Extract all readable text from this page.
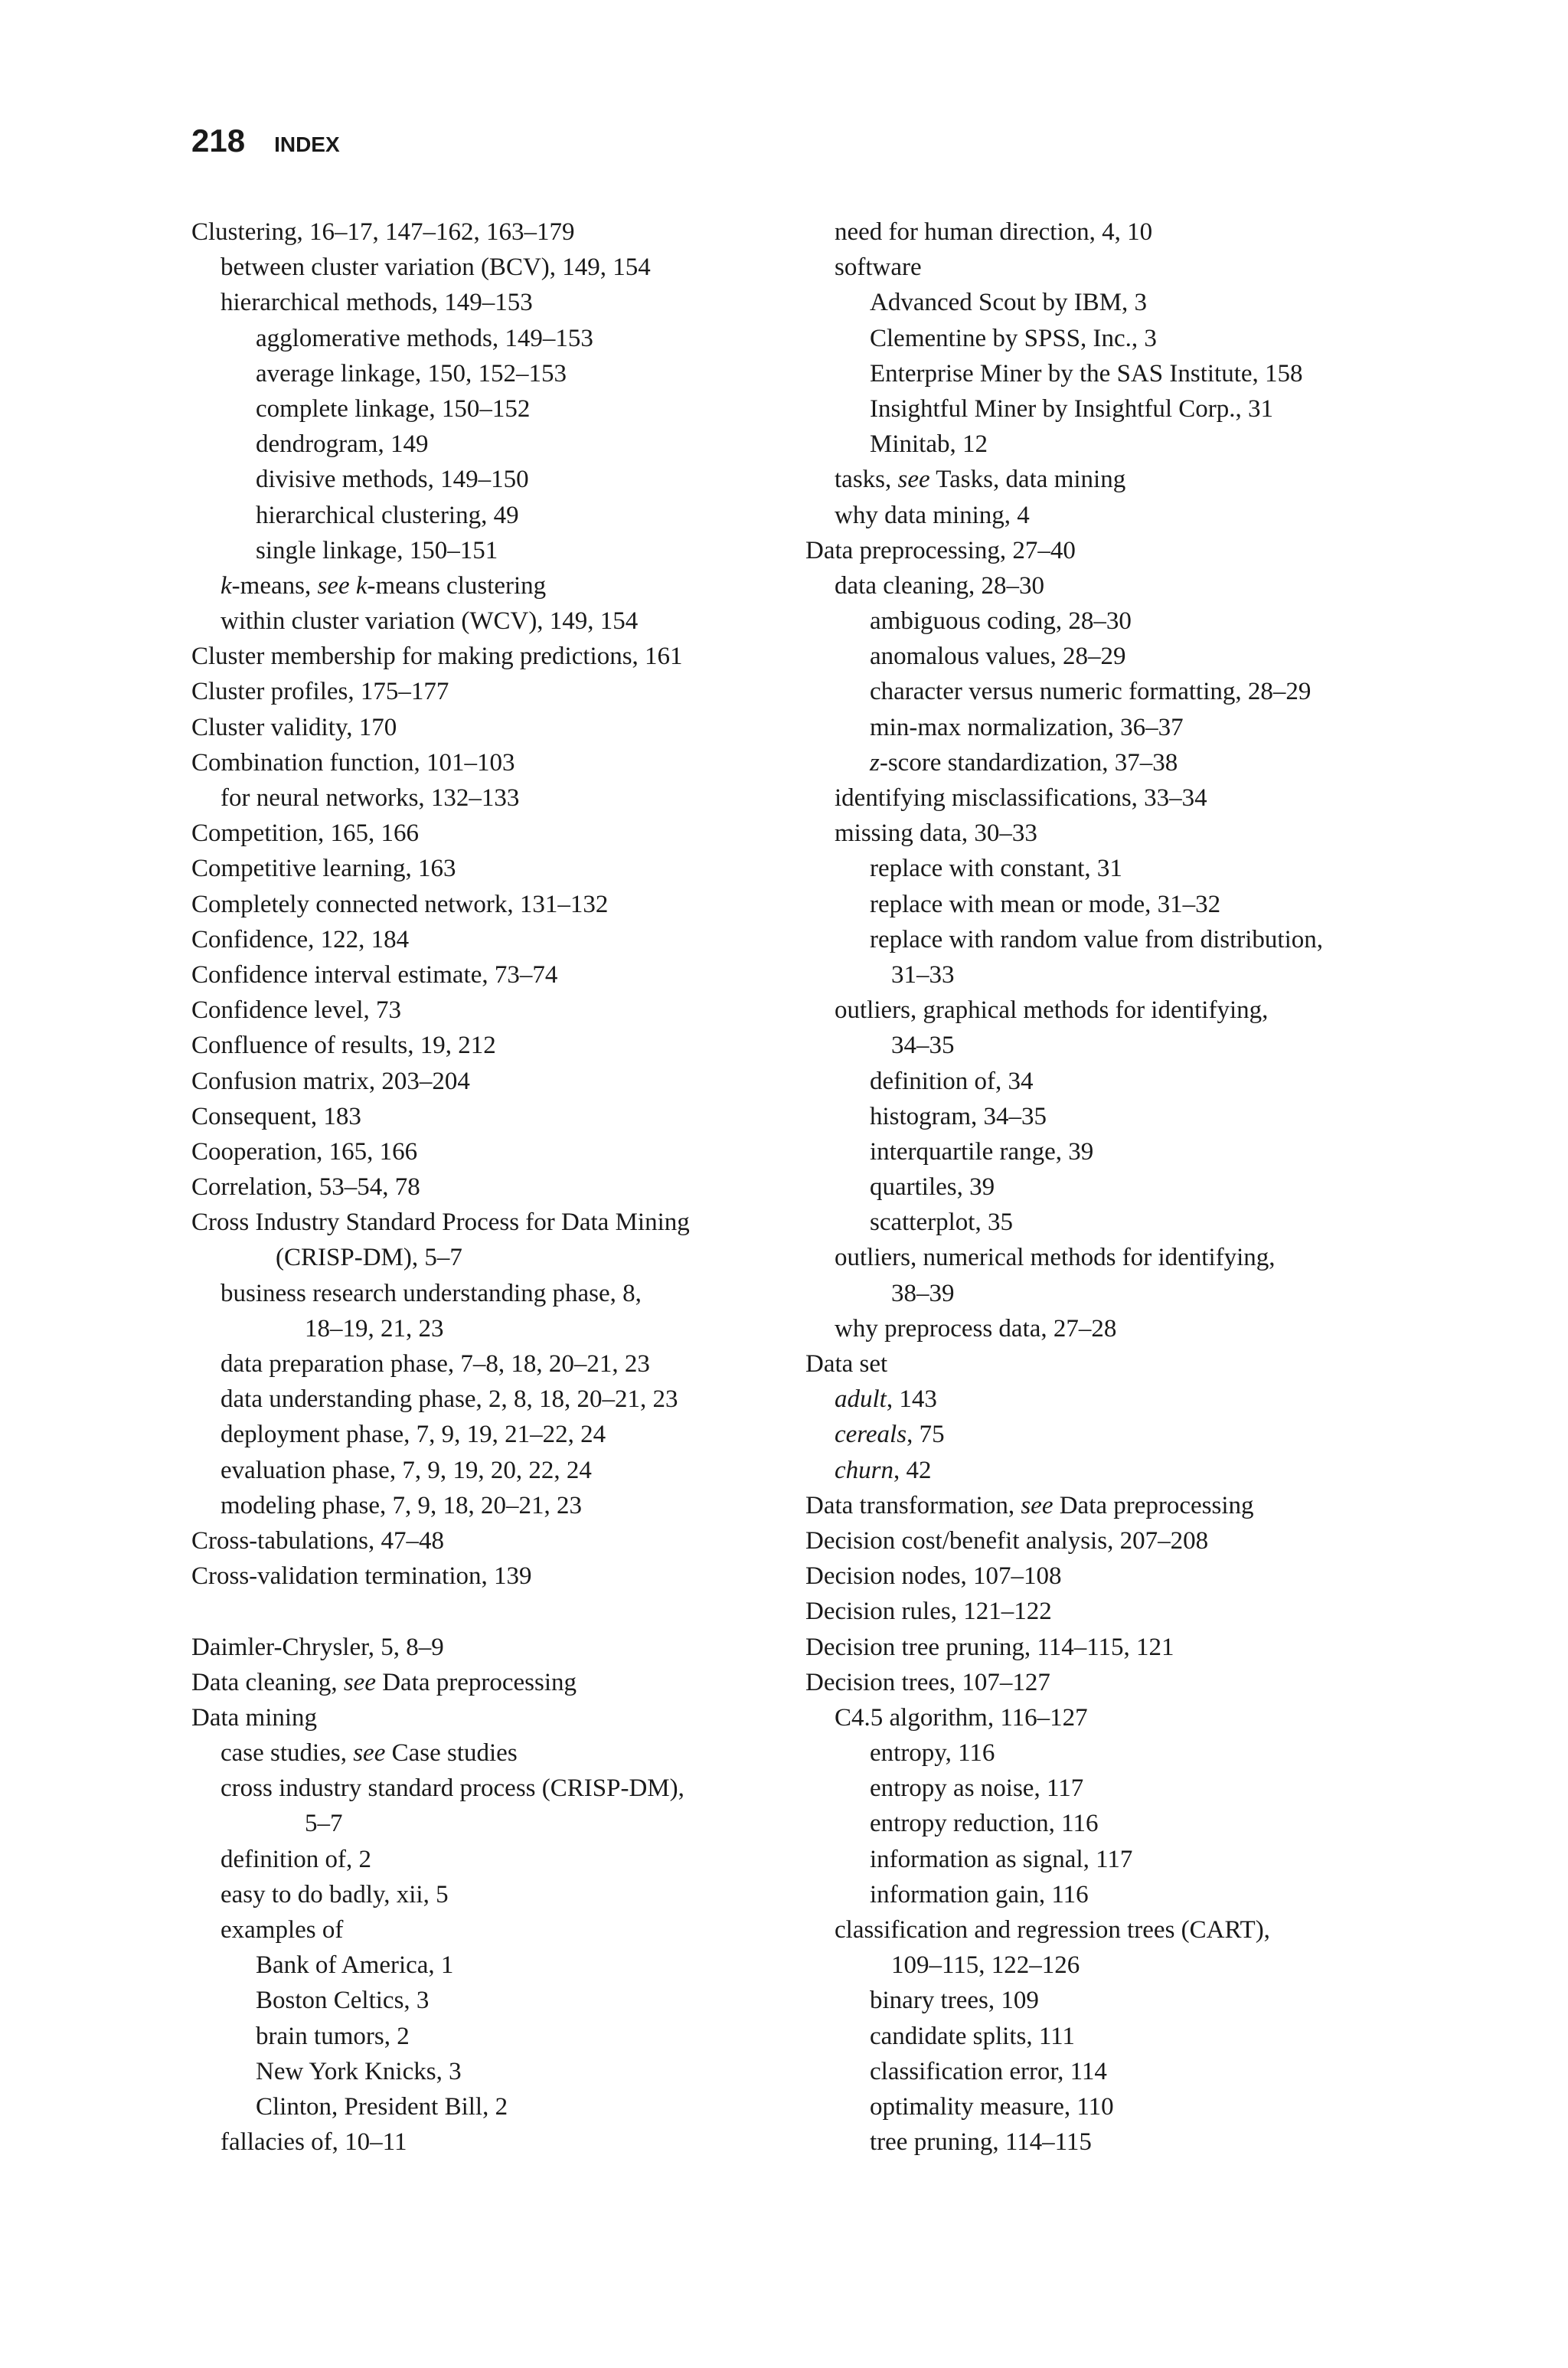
218 INDEX
Clustering, 16–17, 147–162, 163–179
between cluster variation (BCV), 149, 154
hierarchical methods, 149–153
agglomerative methods, 149–153
average linkage, 150, 152–153
complete linkage, 150–152
dendrogram, 149
divisive methods, 149–150
hierarchical clustering, 49
single linkage, 150–151
k-means, see k-means clustering
within cluster variation (WCV), 149, 154
Cluster membership for making predictions, 161
Cluster profiles, 175–177
Cluster validity, 170
Combination function, 101–103
for neural networks, 132–133
Competition, 165, 166
Competitive learning, 163
Completely connected network, 131–132
Confidence, 122, 184
Confidence interval estimate, 73–74
Confidence level, 73
Confluence of results, 19, 212
Confusion matrix, 203–204
Consequent, 183
Cooperation, 165, 166
Correlation, 53–54, 78
Cross Industry Standard Process for Data Mining
(CRISP-DM), 5–7
business research understanding phase, 8,
18–19, 21, 23
data preparation phase, 7–8, 18, 20–21, 23
data understanding phase, 2, 8, 18, 20–21, 23
deployment phase, 7, 9, 19, 21–22, 24
evaluation phase, 7, 9, 19, 20, 22, 24
modeling phase, 7, 9, 18, 20–21, 23
Cross-tabulations, 47–48
Cross-validation termination, 139
Daimler-Chrysler, 5, 8–9
Data cleaning, see Data preprocessing
Data mining
case studies, see Case studies
cross industry standard process (CRISP-DM),
5–7
definition of, 2
easy to do badly, xii, 5
examples of
Bank of America, 1
Boston Celtics, 3
brain tumors, 2
New York Knicks, 3
Clinton, President Bill, 2
fallacies of, 10–11
need for human direction, 4, 10
software
Advanced Scout by IBM, 3
Clementine by SPSS, Inc., 3
Enterprise Miner by the SAS Institute, 158
Insightful Miner by Insightful Corp., 31
Minitab, 12
tasks, see Tasks, data mining
why data mining, 4
Data preprocessing, 27–40
data cleaning, 28–30
ambiguous coding, 28–30
anomalous values, 28–29
character versus numeric formatting, 28–29
min-max normalization, 36–37
z-score standardization, 37–38
identifying misclassifications, 33–34
missing data, 30–33
replace with constant, 31
replace with mean or mode, 31–32
replace with random value from distribution,
31–33
outliers, graphical methods for identifying,
34–35
definition of, 34
histogram, 34–35
interquartile range, 39
quartiles, 39
scatterplot, 35
outliers, numerical methods for identifying,
38–39
why preprocess data, 27–28
Data set
adult, 143
cereals, 75
churn, 42
Data transformation, see Data preprocessing
Decision cost/benefit analysis, 207–208
Decision nodes, 107–108
Decision rules, 121–122
Decision tree pruning, 114–115, 121
Decision trees, 107–127
C4.5 algorithm, 116–127
entropy, 116
entropy as noise, 117
entropy reduction, 116
information as signal, 117
information gain, 116
classification and regression trees (CART),
109–115, 122–126
binary trees, 109
candidate splits, 111
classification error, 114
optimality measure, 110
tree pruning, 114–115
